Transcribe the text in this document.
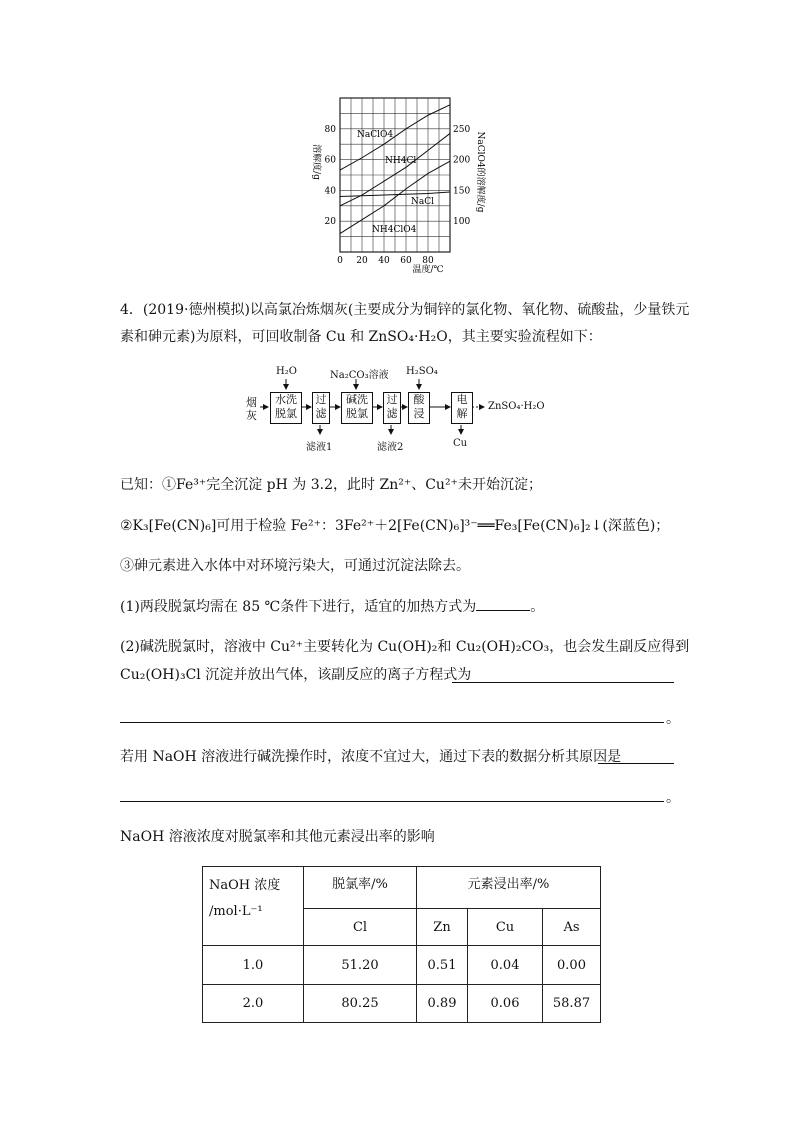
NaClO4
NH4Cl
NaCl
NH4ClO4
0 20 40 60 80
20
40
60
80
100
150
200
250
温度/℃
溶解度/g	NaClO4的溶解度/g
4．(2019·德州模拟)以高氯冶炼烟灰(主要成分为铜锌的氯化物、氧化物、硫酸盐，少量铁元
素和砷元素)为原料，可回收制备 Cu 和 ZnSO₄·H₂O，其主要实验流程如下：
烟灰
H₂O
水洗脱氯
过滤
Na₂CO₃溶液
碱洗脱氯
过滤
H₂SO₄
酸浸
电解
ZnSO₄·H₂O
滤液1	滤液2	Cu
已知：①Fe³⁺完全沉淀 pH 为 3.2，此时 Zn²⁺、Cu²⁺未开始沉淀；
②K₃[Fe(CN)₆]可用于检验 Fe²⁺：3Fe²⁺＋2[Fe(CN)₆]³⁻══Fe₃[Fe(CN)₆]₂↓(深蓝色)；
③砷元素进入水体中对环境污染大，可通过沉淀法除去。
(1)两段脱氯均需在 85 ℃条件下进行，适宜的加热方式为	。
(2)碱洗脱氯时，溶液中 Cu²⁺主要转化为 Cu(OH)₂和 Cu₂(OH)₂CO₃，也会发生副反应得到
Cu₂(OH)₃Cl 沉淀并放出气体，该副反应的离子方程式为
。
若用 NaOH 溶液进行碱洗操作时，浓度不宜过大，通过下表的数据分析其原因是
。
NaOH 溶液浓度对脱氯率和其他元素浸出率的影响
NaOH 浓度
/mol·L⁻¹	脱氯率/%	元素浸出率/%		
	Cl	Zn	Cu	As
1.0	51.20	0.51	0.04	0.00
2.0	80.25	0.89	0.06	58.87
